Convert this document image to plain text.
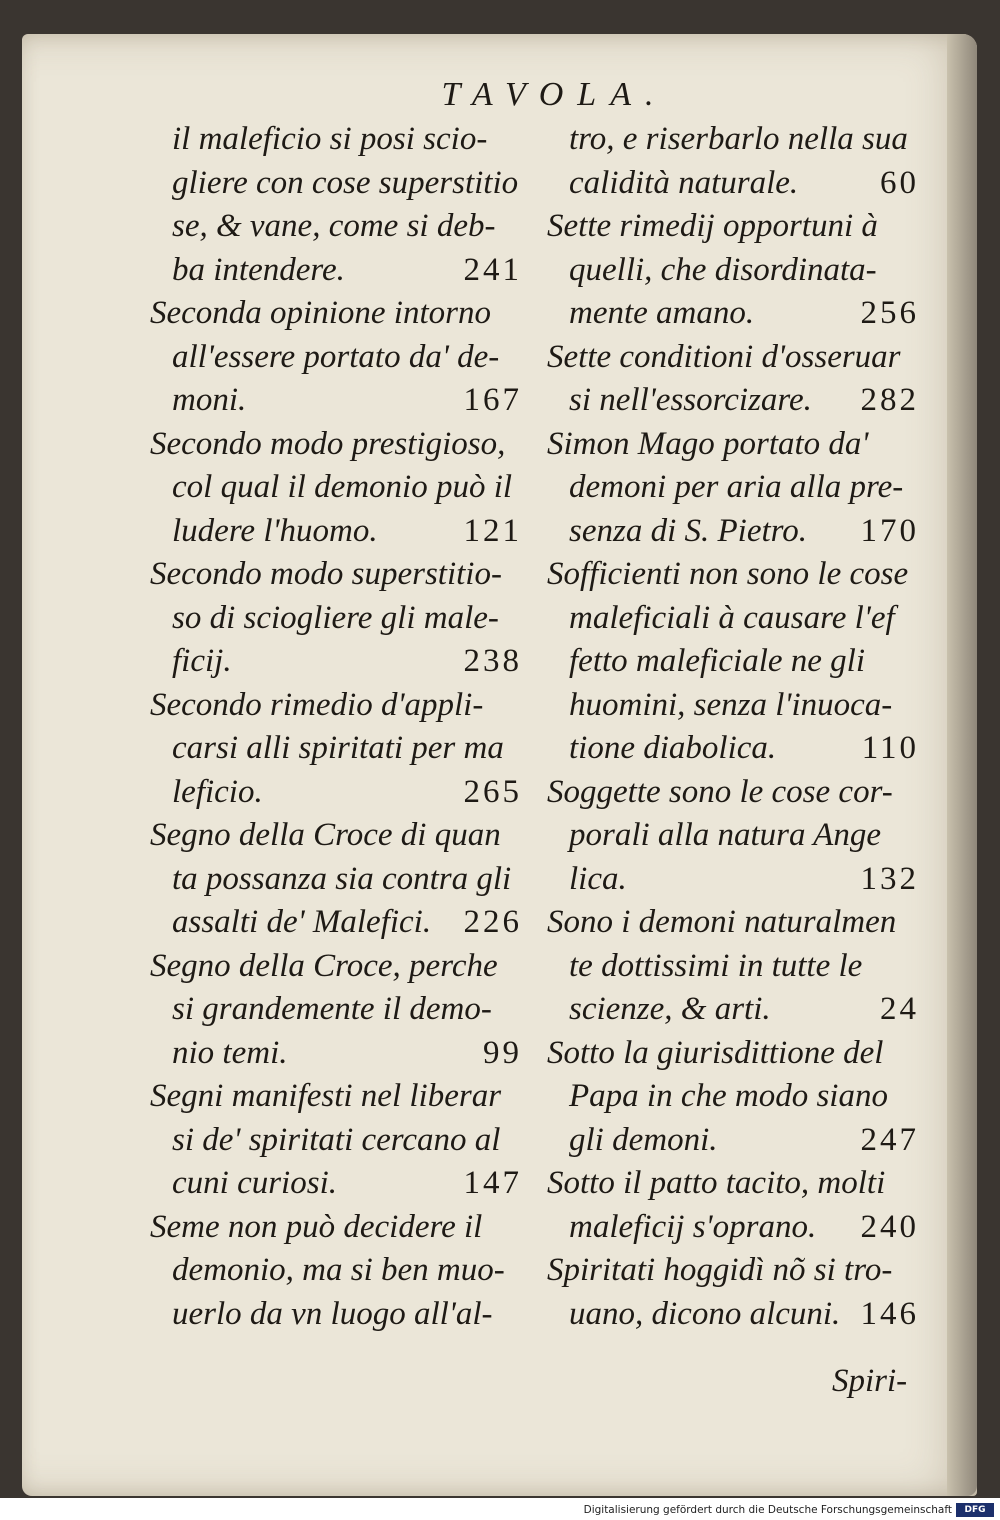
TAVOLA.
il maleficio si posi scio-
gliere con cose superstitio
se, & vane, come si deb-
ba intendere.	241
Seconda opinione intorno
all'essere portato da' de-
moni.	167
Secondo modo prestigioso,
col qual il demonio può il
ludere l'huomo.	121
Secondo modo superstitio-
so di sciogliere gli male-
ficij.	238
Secondo rimedio d'appli-
carsi alli spiritati per ma
leficio.	265
Segno della Croce di quan
ta possanza sia contra gli
assalti de' Malefici. 226
Segno della Croce, perche
si grandemente il demo-
nio temi.	99
Segni manifesti nel liberar
si de' spiritati cercano al
cuni curiosi.	147
Seme non può decidere il
demonio, ma si ben muo-
uerlo da vn luogo all'al-
tro, e riserbarlo nella sua
calidità naturale. 60
Sette rimedij opportuni à
quelli, che disordinata-
mente amano.	256
Sette conditioni d'osseruar
si nell'essorcizare. 282
Simon Mago portato da'
demoni per aria alla pre-
senza di S. Pietro. 170
Sofficienti non sono le cose
maleficiali à causare l'ef
fetto maleficiale ne gli
huomini, senza l'inuoca-
tione diabolica.	110
Soggette sono le cose cor-
porali alla natura Ange
lica.	132
Sono i demoni naturalmen
te dottissimi in tutte le
scienze, & arti.	24
Sotto la giurisdittione del
Papa in che modo siano
gli demoni.	247
Sotto il patto tacito, molti
maleficij s'oprano. 240
Spiritati hoggidì nõ si tro-
uano, dicono alcuni. 146
Spiri-
Digitalisierung gefördert durch die Deutsche Forschungsgemeinschaft	DFG
